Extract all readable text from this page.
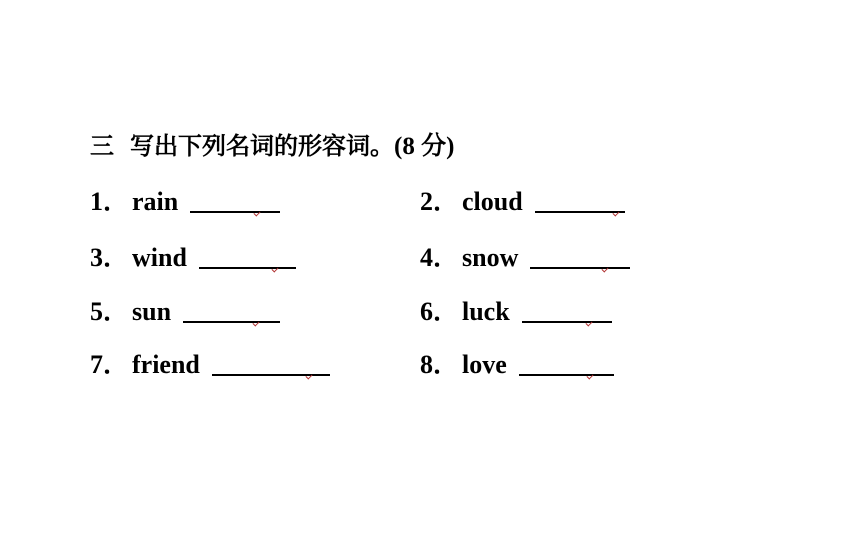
三 写出下列名词的形容词。 (8 分)
1． rain
3． wind
5． sun
7． friend
2． cloud
4． snow
6． luck
8． love
